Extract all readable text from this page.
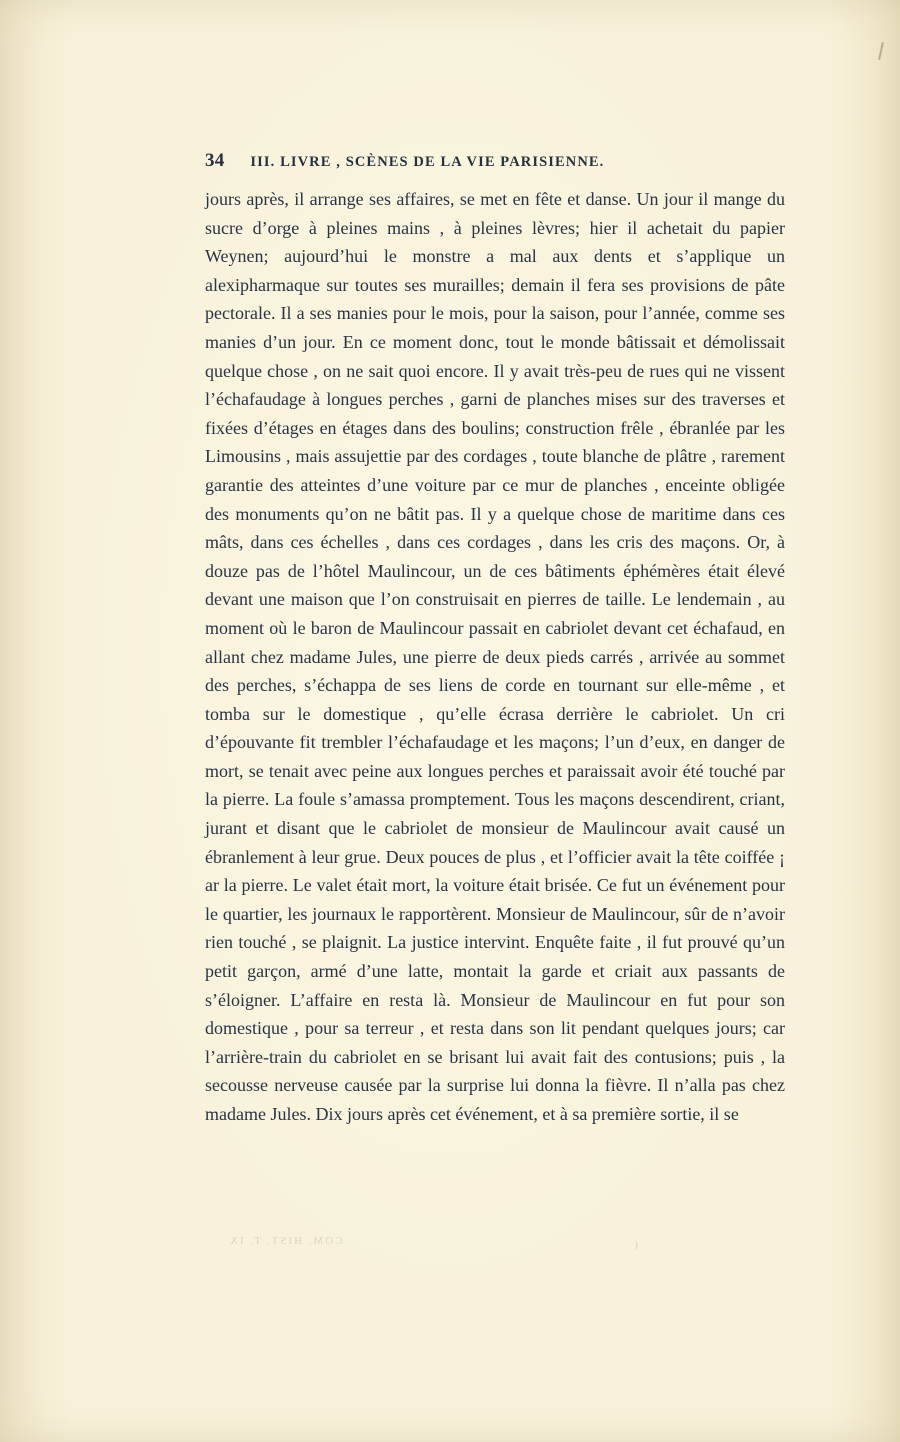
34 III. LIVRE , SCÈNES DE LA VIE PARISIENNE.

jours après, il arrange ses affaires, se met en fête et danse. Un jour il mange du sucre d’orge à pleines mains , à pleines lèvres; hier il achetait du papier Weynen; aujourd’hui le monstre a mal aux dents et s’applique un alexipharmaque sur toutes ses murailles; demain il fera ses provisions de pâte pectorale. Il a ses manies pour le mois, pour la saison, pour l’année, comme ses manies d’un jour. En ce moment donc, tout le monde bâtissait et démolissait quelque chose , on ne sait quoi encore. Il y avait très-peu de rues qui ne vissent l’échafaudage à longues perches , garni de planches mises sur des traverses et fixées d’étages en étages dans des boulins; construction frêle , ébranlée par les Limousins , mais assujettie par des cordages , toute blanche de plâtre , rarement garantie des atteintes d’une voiture par ce mur de planches , enceinte obligée des monuments qu’on ne bâtit pas. Il y a quelque chose de maritime dans ces mâts, dans ces échelles , dans ces cordages , dans les cris des maçons. Or, à douze pas de l’hôtel Maulincour, un de ces bâtiments éphémères était élevé devant une maison que l’on construisait en pierres de taille. Le lendemain , au moment où le baron de Maulincour passait en cabriolet devant cet échafaud, en allant chez madame Jules, une pierre de deux pieds carrés , arrivée au sommet des perches, s’échappa de ses liens de corde en tournant sur elle-même , et tomba sur le domestique , qu’elle écrasa derrière le cabriolet. Un cri d’épouvante fit trembler l’échafaudage et les maçons; l’un d’eux, en danger de mort, se tenait avec peine aux longues perches et paraissait avoir été touché par la pierre. La foule s’amassa promptement. Tous les maçons descendirent, criant, jurant et disant que le cabriolet de monsieur de Maulincour avait causé un ébranlement à leur grue. Deux pouces de plus , et l’officier avait la tête coiffée ¡ ar la pierre. Le valet était mort, la voiture était brisée. Ce fut un événement pour le quartier, les journaux le rapportèrent. Monsieur de Maulincour, sûr de n’avoir rien touché , se plaignit. La justice intervint. Enquête faite , il fut prouvé qu’un petit garçon, armé d’une latte, montait la garde et criait aux passants de s’éloigner. L’affaire en resta là. Monsieur de Maulincour en fut pour son domestique , pour sa terreur , et resta dans son lit pendant quelques jours; car l’arrière-train du cabriolet en se brisant lui avait fait des contusions; puis , la secousse nerveuse causée par la surprise lui donna la fièvre. Il n’alla pas chez madame Jules. Dix jours après cet événement, et à sa première sortie, il se

(
COM. HIST. T. IX
